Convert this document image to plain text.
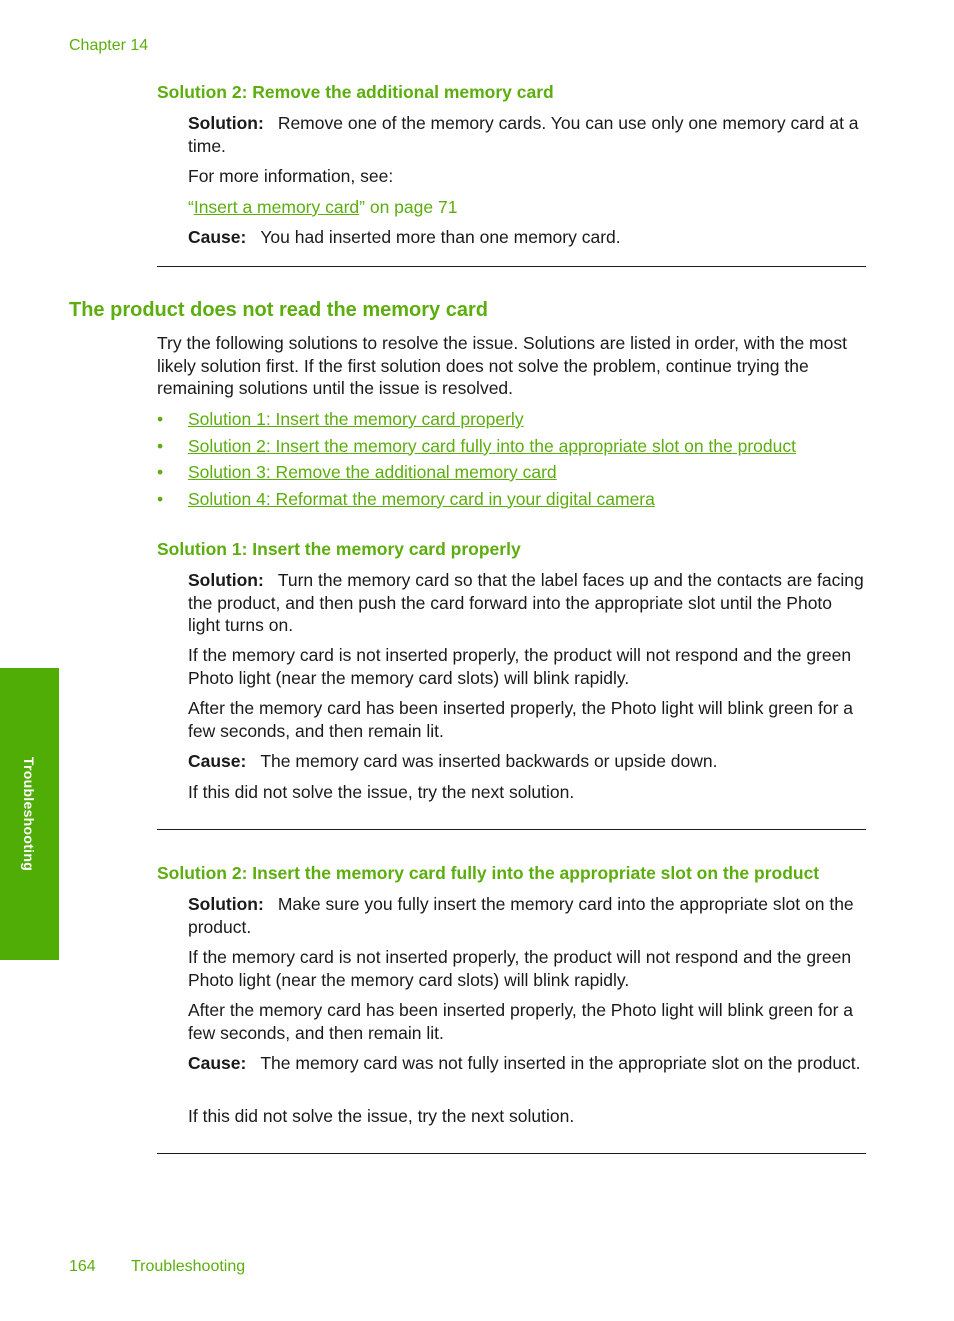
Chapter 14
Solution 2: Remove the additional memory card
Solution: Remove one of the memory cards. You can use only one memory card at a time.
For more information, see:
“Insert a memory card” on page 71
Cause: You had inserted more than one memory card.
The product does not read the memory card
Try the following solutions to resolve the issue. Solutions are listed in order, with the most likely solution first. If the first solution does not solve the problem, continue trying the remaining solutions until the issue is resolved.
• Solution 1: Insert the memory card properly
• Solution 2: Insert the memory card fully into the appropriate slot on the product
• Solution 3: Remove the additional memory card
• Solution 4: Reformat the memory card in your digital camera
Solution 1: Insert the memory card properly
Solution: Turn the memory card so that the label faces up and the contacts are facing the product, and then push the card forward into the appropriate slot until the Photo light turns on.
If the memory card is not inserted properly, the product will not respond and the green Photo light (near the memory card slots) will blink rapidly.
After the memory card has been inserted properly, the Photo light will blink green for a few seconds, and then remain lit.
Cause: The memory card was inserted backwards or upside down.
If this did not solve the issue, try the next solution.
Solution 2: Insert the memory card fully into the appropriate slot on the product
Solution: Make sure you fully insert the memory card into the appropriate slot on the product.
If the memory card is not inserted properly, the product will not respond and the green Photo light (near the memory card slots) will blink rapidly.
After the memory card has been inserted properly, the Photo light will blink green for a few seconds, and then remain lit.
Cause: The memory card was not fully inserted in the appropriate slot on the product.
If this did not solve the issue, try the next solution.
Troubleshooting
164 Troubleshooting
